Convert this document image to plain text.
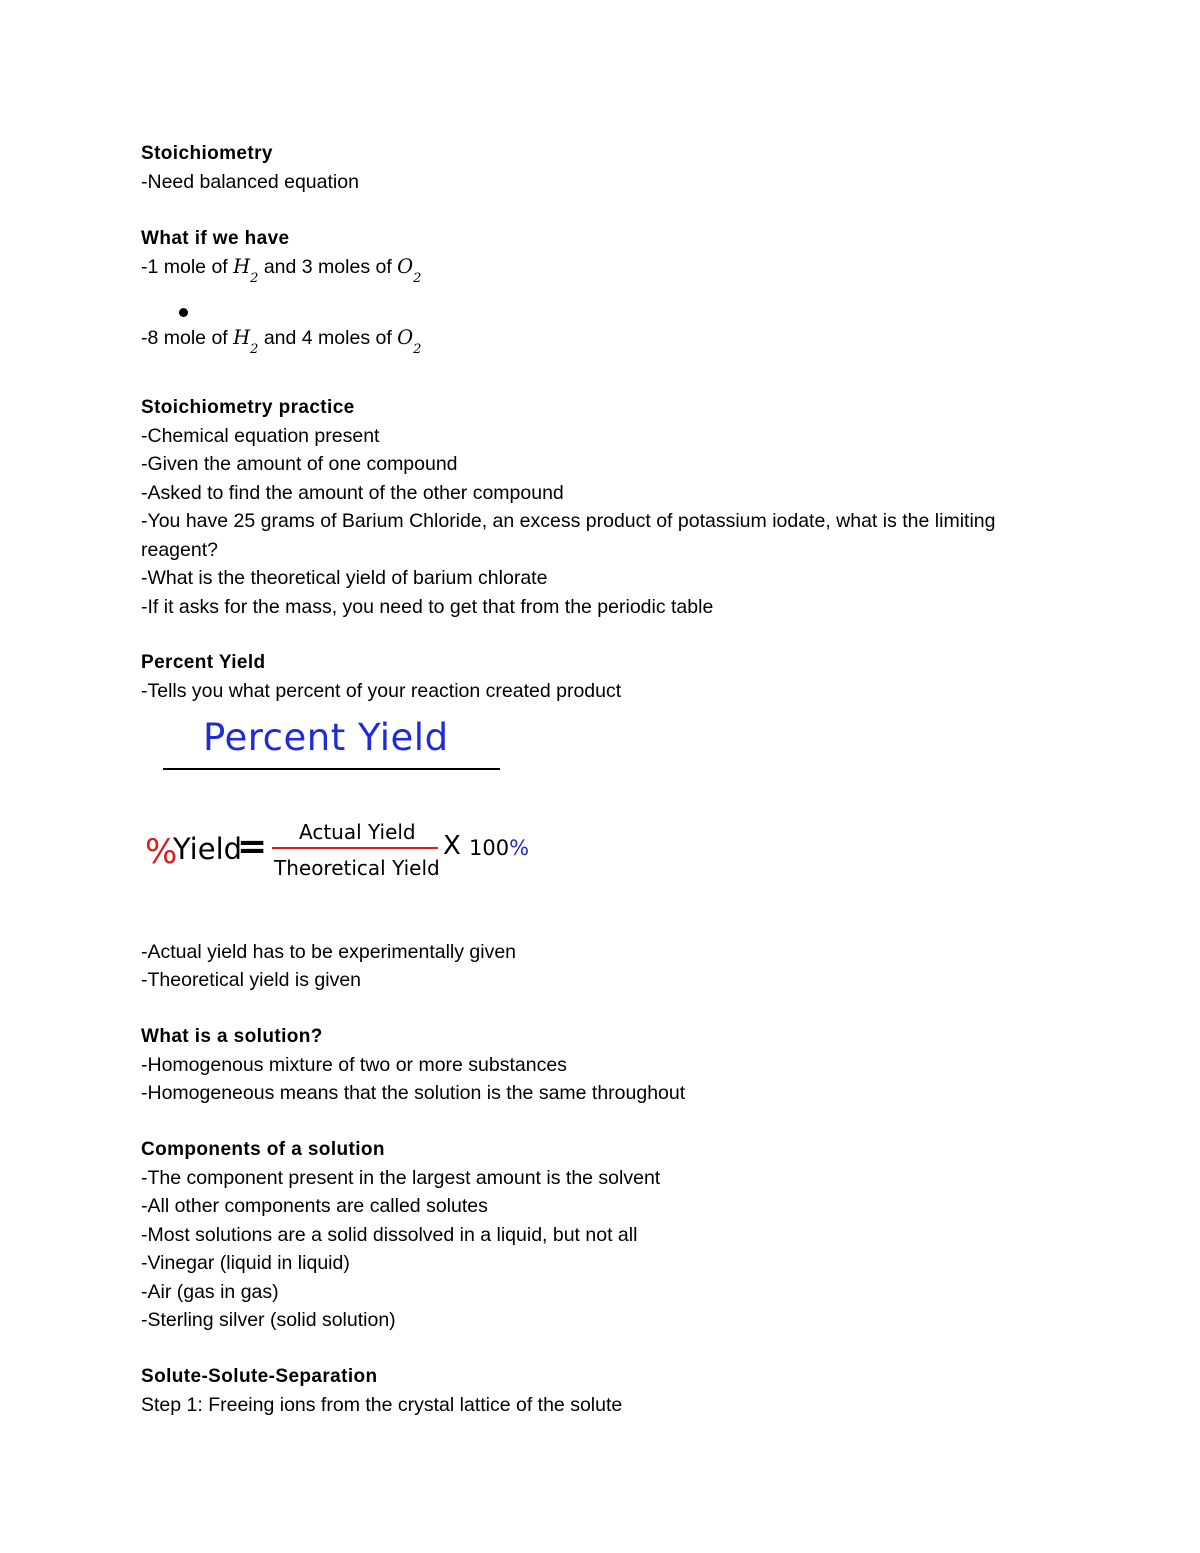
Stoichiometry

-Need balanced equation

What if we have

-1 mole of $H_2$ and 3 moles of $O_2$

-8 mole of $H_2$ and 4 moles of $O_2$

Stoichiometry practice

-Chemical equation present

-Given the amount of one compound

-Asked to find the amount of the other compound

-You have 25 grams of Barium Chloride, an excess product of potassium iodate, what is the limiting reagent?

-What is the theoretical yield of barium chlorate

-If it asks for the mass, you need to get that from the periodic table

Percent Yield

-Tells you what percent of your reaction created product

Percent Yield
%
Yield
= Actual Yield
Theoretical Yield
X 100%

-Actual yield has to be experimentally given

-Theoretical yield is given

What is a solution?

-Homogenous mixture of two or more substances

-Homogeneous means that the solution is the same throughout

Components of a solution

-The component present in the largest amount is the solvent

-All other components are called solutes

-Most solutions are a solid dissolved in a liquid, but not all

-Vinegar (liquid in liquid)

-Air (gas in gas)

-Sterling silver (solid solution)

Solute-Solute-Separation

Step 1: Freeing ions from the crystal lattice of the solute
